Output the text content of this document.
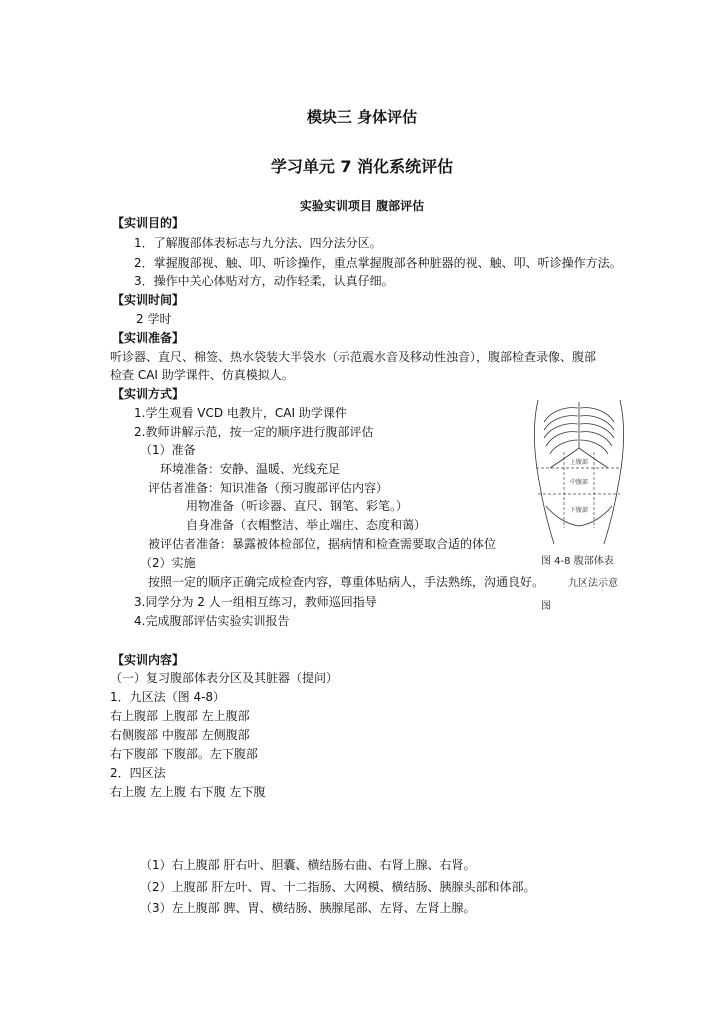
模块三 身体评估
学习单元 7 消化系统评估
实验实训项目 腹部评估
【实训目的】
1．了解腹部体表标志与九分法、四分法分区。
2．掌握腹部视、触、叩、听诊操作，重点掌握腹部各种脏器的视、触、叩、听诊操作方法。
3．操作中关心体贴对方，动作轻柔，认真仔细。
【实训时间】
2 学时
【实训准备】
听诊器、直尺、棉签、热水袋装大半袋水（示范震水音及移动性浊音），腹部检查录像、腹部
检查 CAI 助学课件、仿真模拟人。
【实训方式】
1.学生观看 VCD 电教片，CAI 助学课件
2.教师讲解示范，按一定的顺序进行腹部评估
（1）准备
环境准备：安静、温暖、光线充足
评估者准备：知识准备（预习腹部评估内容）
用物准备（听诊器、直尺、钢笔、彩笔。）
自身准备（衣帽整洁、举止端庄、态度和蔼）
被评估者准备：暴露被体检部位，据病情和检查需要取合适的体位
（2）实施
按照一定的顺序正确完成检查内容，尊重体贴病人，手法熟练，沟通良好。
3.同学分为 2 人一组相互练习，教师巡回指导
4.完成腹部评估实验实训报告
【实训内容】
（一）复习腹部体表分区及其脏器（提问）
1．九区法（图 4-8）
右上腹部 上腹部 左上腹部
右侧腹部 中腹部 左侧腹部
右下腹部 下腹部。左下腹部
2．四区法
右上腹 左上腹 右下腹 左下腹
（1）右上腹部 肝右叶、胆囊、横结肠右曲、右肾上腺、右肾。
（2）上腹部 肝左叶、胃、十二指肠、大网模、横结肠、胰腺头部和体部。
（3）左上腹部 脾、胃、横结肠、胰腺尾部、左肾、左肾上腺。
上腹部
中腹部
下腹部
图 4-8 腹部体表
九区法示意
图
